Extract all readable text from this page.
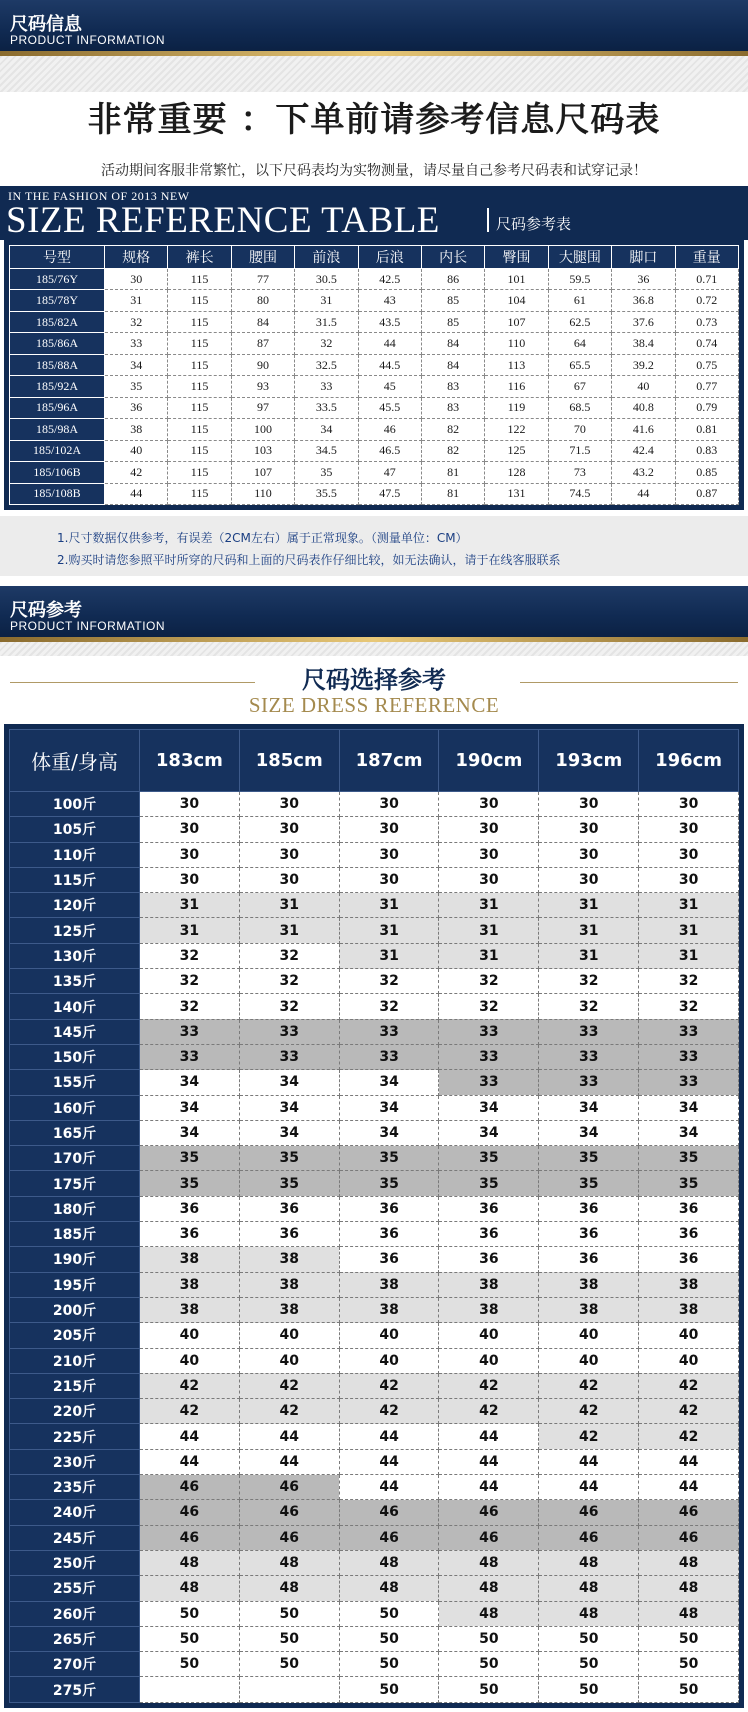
尺码信息
PRODUCT INFORMATION
非常重要 ：下单前请参考信息尺码表
活动期间客服非常繁忙，以下尺码表均为实物测量，请尽量自己参考尺码表和试穿记录！
IN THE FASHION OF 2013 NEW
SIZE REFERENCE TABLE	尺码参考表
号型	规格	裤长	腰围	前浪	后浪	内长	臀围	大腿围	脚口	重量
185/76Y	30	115	77	30.5	42.5	86	101	59.5	36	0.71
185/78Y	31	115	80	31	43	85	104	61	36.8	0.72
185/82A	32	115	84	31.5	43.5	85	107	62.5	37.6	0.73
185/86A	33	115	87	32	44	84	110	64	38.4	0.74
185/88A	34	115	90	32.5	44.5	84	113	65.5	39.2	0.75
185/92A	35	115	93	33	45	83	116	67	40	0.77
185/96A	36	115	97	33.5	45.5	83	119	68.5	40.8	0.79
185/98A	38	115	100	34	46	82	122	70	41.6	0.81
185/102A	40	115	103	34.5	46.5	82	125	71.5	42.4	0.83
185/106B	42	115	107	35	47	81	128	73	43.2	0.85
185/108B	44	115	110	35.5	47.5	81	131	74.5	44	0.87
1.尺寸数据仅供参考，有误差（2CM左右）属于正常现象。（测量单位：CM）
2.购买时请您参照平时所穿的尺码和上面的尺码表作仔细比较，如无法确认，请于在线客服联系
尺码参考
PRODUCT INFORMATION
尺码选择参考
SIZE DRESS REFERENCE
体重/身高	183cm	185cm	187cm	190cm	193cm	196cm
100斤	30	30	30	30	30	30
105斤	30	30	30	30	30	30
110斤	30	30	30	30	30	30
115斤	30	30	30	30	30	30
120斤	31	31	31	31	31	31
125斤	31	31	31	31	31	31
130斤	32	32	31	31	31	31
135斤	32	32	32	32	32	32
140斤	32	32	32	32	32	32
145斤	33	33	33	33	33	33
150斤	33	33	33	33	33	33
155斤	34	34	34	33	33	33
160斤	34	34	34	34	34	34
165斤	34	34	34	34	34	34
170斤	35	35	35	35	35	35
175斤	35	35	35	35	35	35
180斤	36	36	36	36	36	36
185斤	36	36	36	36	36	36
190斤	38	38	36	36	36	36
195斤	38	38	38	38	38	38
200斤	38	38	38	38	38	38
205斤	40	40	40	40	40	40
210斤	40	40	40	40	40	40
215斤	42	42	42	42	42	42
220斤	42	42	42	42	42	42
225斤	44	44	44	44	42	42
230斤	44	44	44	44	44	44
235斤	46	46	44	44	44	44
240斤	46	46	46	46	46	46
245斤	46	46	46	46	46	46
250斤	48	48	48	48	48	48
255斤	48	48	48	48	48	48
260斤	50	50	50	48	48	48
265斤	50	50	50	50	50	50
270斤	50	50	50	50	50	50
275斤			50	50	50	50
